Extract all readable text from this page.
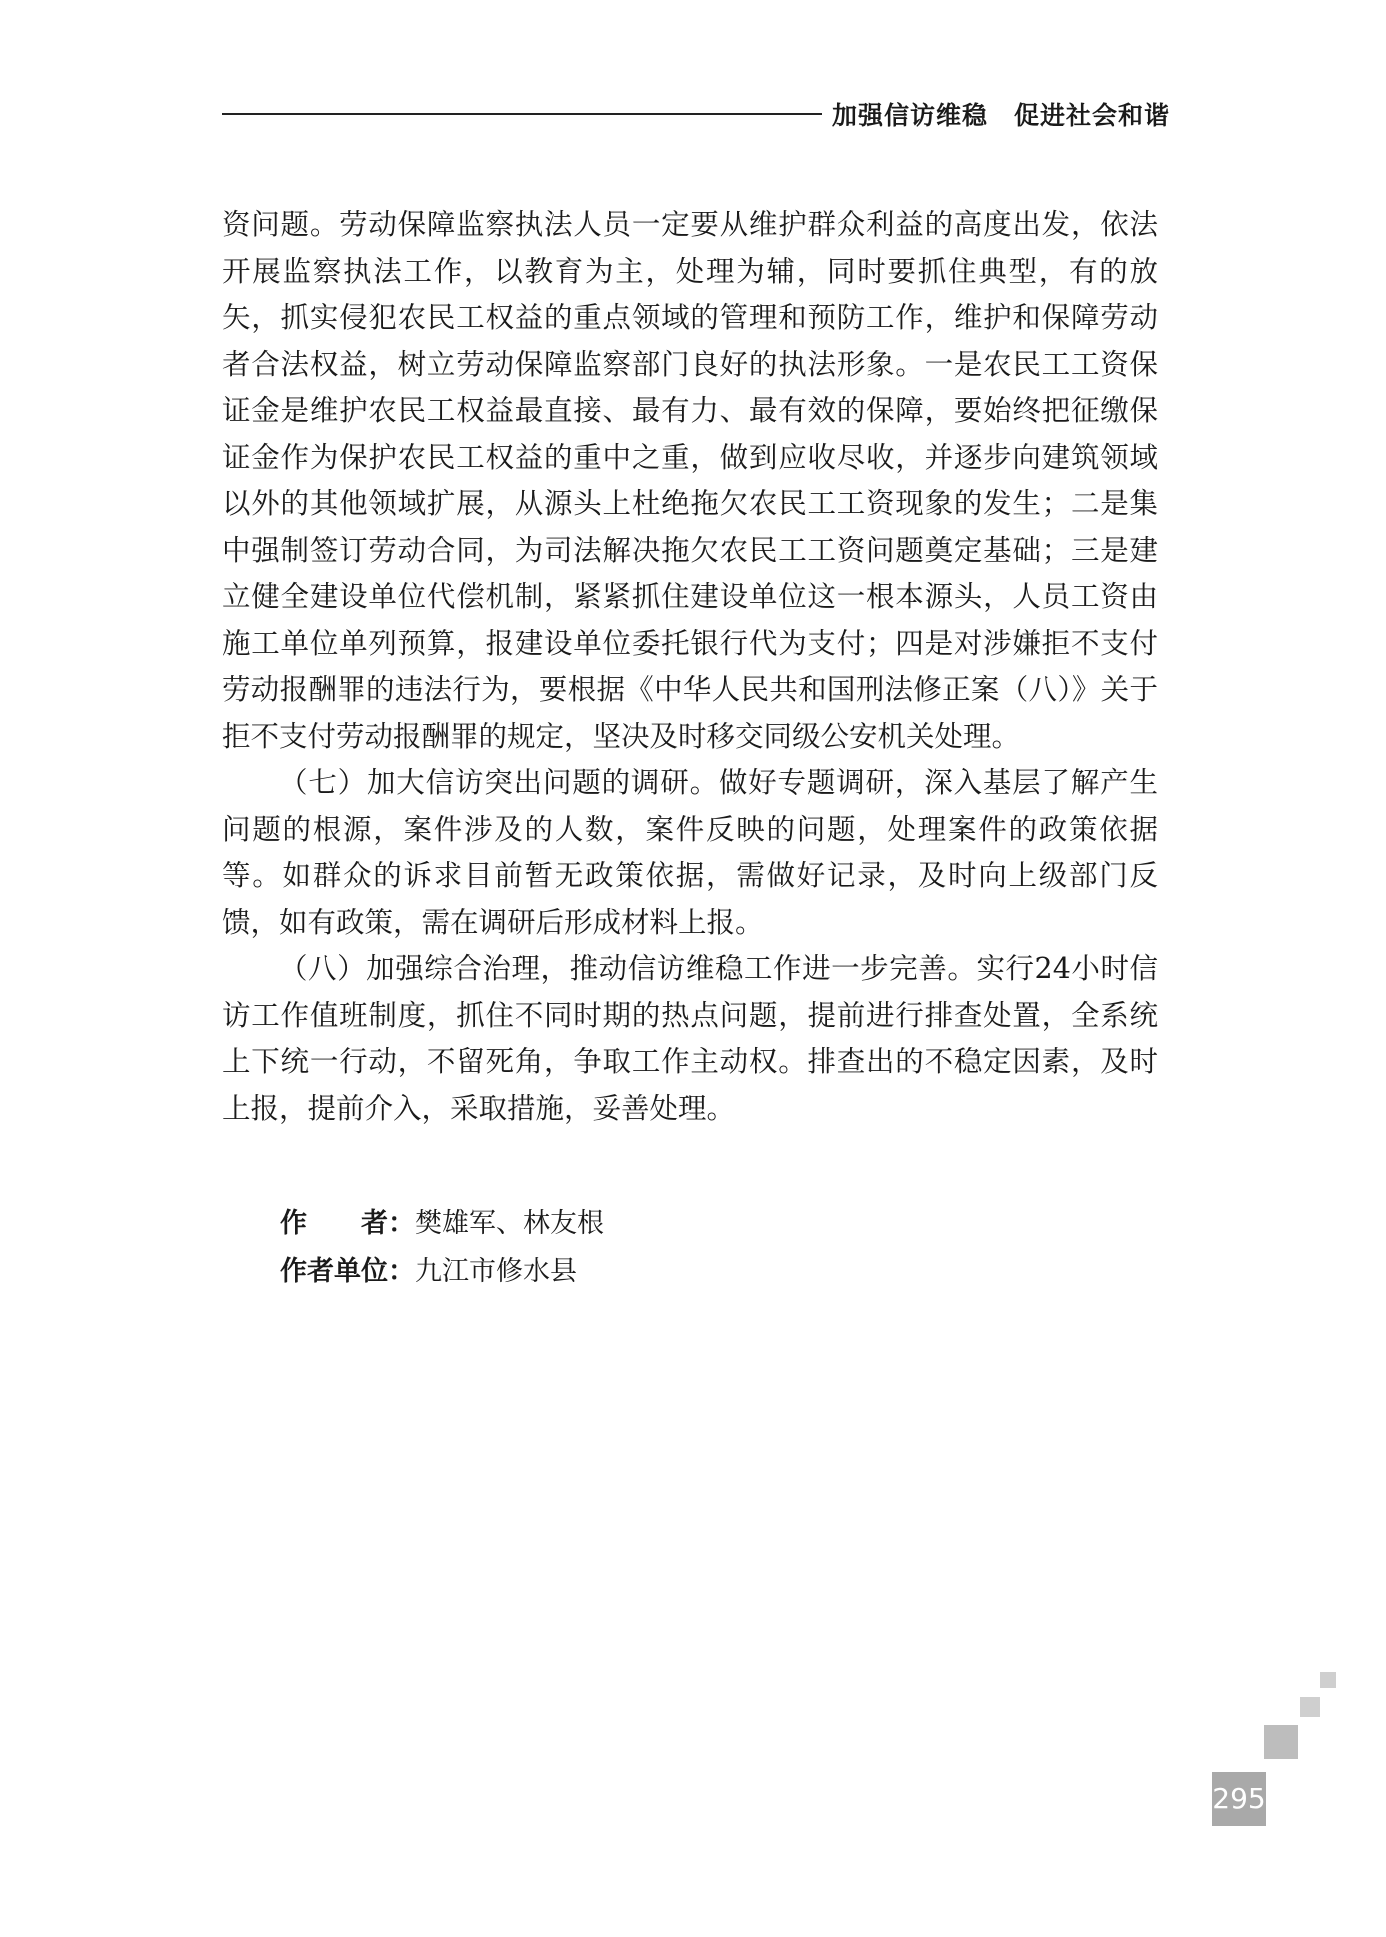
加强信访维稳　促进社会和谐

资问题。劳动保障监察执法人员一定要从维护群众利益的高度出发，依法开展监察执法工作，以教育为主，处理为辅，同时要抓住典型，有的放矢，抓实侵犯农民工权益的重点领域的管理和预防工作，维护和保障劳动者合法权益，树立劳动保障监察部门良好的执法形象。一是农民工工资保证金是维护农民工权益最直接、最有力、最有效的保障，要始终把征缴保证金作为保护农民工权益的重中之重，做到应收尽收，并逐步向建筑领域以外的其他领域扩展，从源头上杜绝拖欠农民工工资现象的发生；二是集中强制签订劳动合同，为司法解决拖欠农民工工资问题奠定基础；三是建立健全建设单位代偿机制，紧紧抓住建设单位这一根本源头，人员工资由施工单位单列预算，报建设单位委托银行代为支付；四是对涉嫌拒不支付劳动报酬罪的违法行为，要根据《中华人民共和国刑法修正案（八）》关于拒不支付劳动报酬罪的规定，坚决及时移交同级公安机关处理。

（七）加大信访突出问题的调研。做好专题调研，深入基层了解产生问题的根源，案件涉及的人数，案件反映的问题，处理案件的政策依据等。如群众的诉求目前暂无政策依据，需做好记录，及时向上级部门反馈，如有政策，需在调研后形成材料上报。

（八）加强综合治理，推动信访维稳工作进一步完善。实行24小时信访工作值班制度，抓住不同时期的热点问题，提前进行排查处置，全系统上下统一行动，不留死角，争取工作主动权。排查出的不稳定因素，及时上报，提前介入，采取措施，妥善处理。

作　　者：樊雄军、林友根
作者单位：九江市修水县
295
